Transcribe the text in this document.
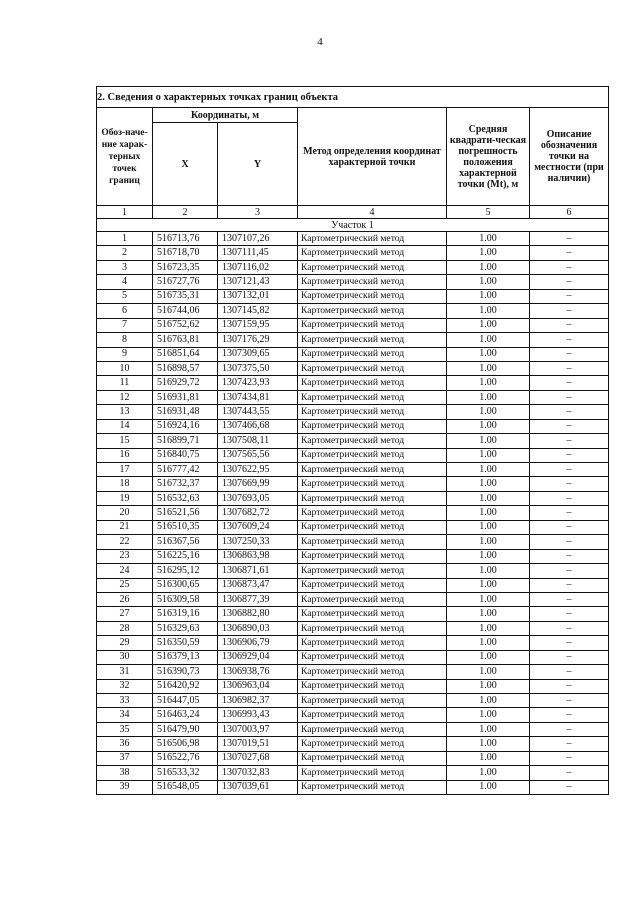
4
2. Сведения о характерных точках границ объекта					
Обоз-наче-ние харак-терных точек границ	Координаты, м		Метод определения координат характерной точки	Средняя квадрати-ческая погрешность положения характерной точки (Mt), м	Описание обозначения точки на местности (при наличии)
	X	Y			
1	2	3	4	5	6
Участок 1					
1	516713,76	1307107,26	Картометрический метод	1.00	–
2	516718,70	1307111,45	Картометрический метод	1.00	–
3	516723,35	1307116,02	Картометрический метод	1.00	–
4	516727,76	1307121,43	Картометрический метод	1.00	–
5	516735,31	1307132,01	Картометрический метод	1.00	–
6	516744,06	1307145,82	Картометрический метод	1.00	–
7	516752,62	1307159,95	Картометрический метод	1.00	–
8	516763,81	1307176,29	Картометрический метод	1.00	–
9	516851,64	1307309,65	Картометрический метод	1.00	–
10	516898,57	1307375,50	Картометрический метод	1.00	–
11	516929,72	1307423,93	Картометрический метод	1.00	–
12	516931,81	1307434,81	Картометрический метод	1.00	–
13	516931,48	1307443,55	Картометрический метод	1.00	–
14	516924,16	1307466,68	Картометрический метод	1.00	–
15	516899,71	1307508,11	Картометрический метод	1.00	–
16	516840,75	1307565,56	Картометрический метод	1.00	–
17	516777,42	1307622,95	Картометрический метод	1.00	–
18	516732,37	1307669,99	Картометрический метод	1.00	–
19	516532,63	1307693,05	Картометрический метод	1.00	–
20	516521,56	1307682,72	Картометрический метод	1.00	–
21	516510,35	1307609,24	Картометрический метод	1.00	–
22	516367,56	1307250,33	Картометрический метод	1.00	–
23	516225,16	1306863,98	Картометрический метод	1.00	–
24	516295,12	1306871,61	Картометрический метод	1.00	–
25	516300,65	1306873,47	Картометрический метод	1.00	–
26	516309,58	1306877,39	Картометрический метод	1.00	–
27	516319,16	1306882,80	Картометрический метод	1.00	–
28	516329,63	1306890,03	Картометрический метод	1.00	–
29	516350,59	1306906,79	Картометрический метод	1.00	–
30	516379,13	1306929,04	Картометрический метод	1.00	–
31	516390,73	1306938,76	Картометрический метод	1.00	–
32	516420,92	1306963,04	Картометрический метод	1.00	–
33	516447,05	1306982,37	Картометрический метод	1.00	–
34	516463,24	1306993,43	Картометрический метод	1.00	–
35	516479,90	1307003,97	Картометрический метод	1.00	–
36	516506,98	1307019,51	Картометрический метод	1.00	–
37	516522,76	1307027,68	Картометрический метод	1.00	–
38	516533,32	1307032,83	Картометрический метод	1.00	–
39	516548,05	1307039,61	Картометрический метод	1.00	–
